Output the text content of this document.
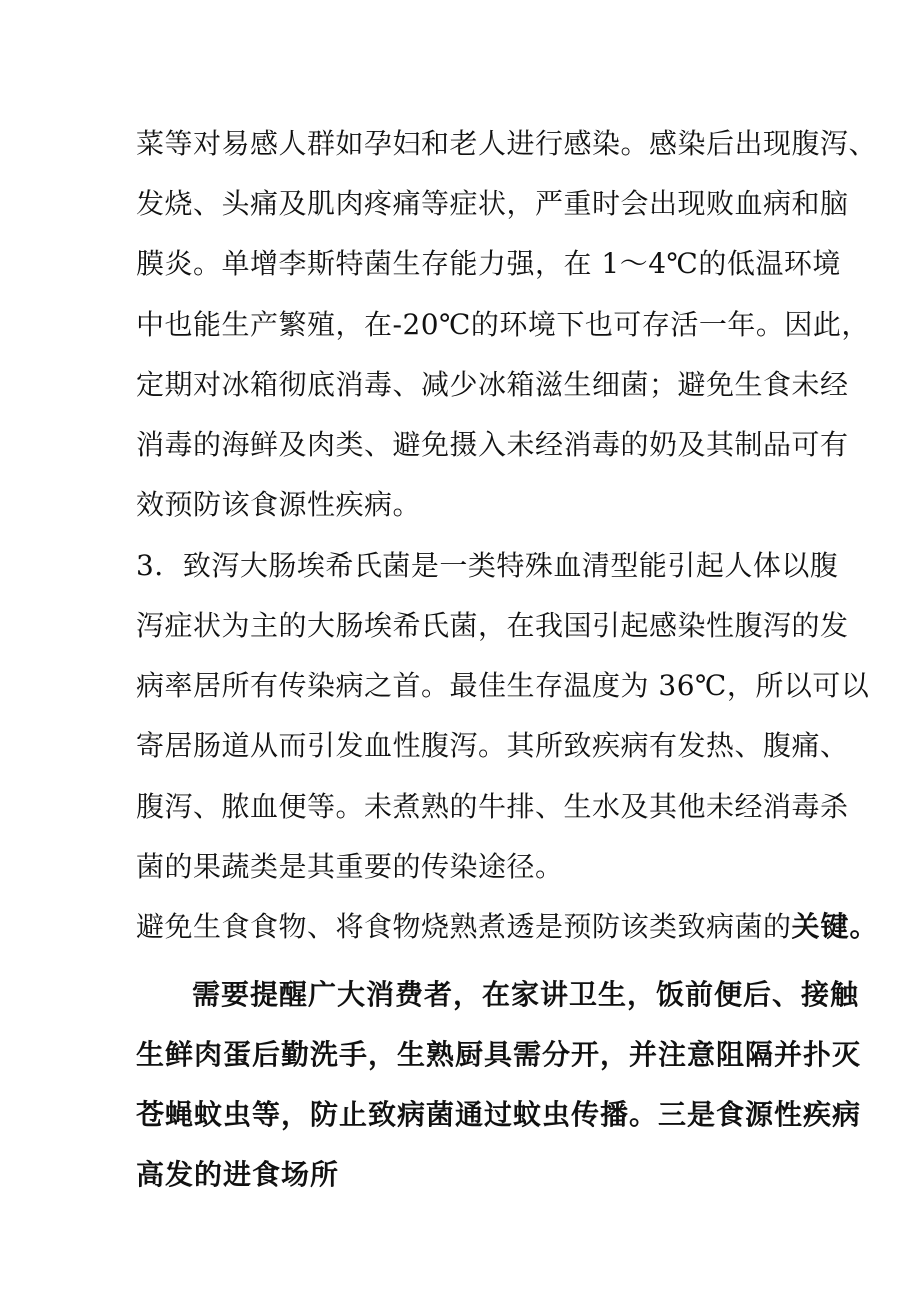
菜等对易感人群如孕妇和老人进行感染。感染后出现腹泻、
发烧、头痛及肌肉疼痛等症状，严重时会出现败血病和脑
膜炎。单增李斯特菌生存能力强，在 1～4℃的低温环境
中也能生产繁殖，在-20℃的环境下也可存活一年。因此，
定期对冰箱彻底消毒、减少冰箱滋生细菌；避免生食未经
消毒的海鲜及肉类、避免摄入未经消毒的奶及其制品可有
效预防该食源性疾病。
3．致泻大肠埃希氏菌是一类特殊血清型能引起人体以腹
泻症状为主的大肠埃希氏菌，在我国引起感染性腹泻的发
病率居所有传染病之首。最佳生存温度为 36℃，所以可以
寄居肠道从而引发血性腹泻。其所致疾病有发热、腹痛、
腹泻、脓血便等。未煮熟的牛排、生水及其他未经消毒杀
菌的果蔬类是其重要的传染途径。
避免生食食物、将食物烧熟煮透是预防该类致病菌的关键。
需要提醒广大消费者，在家讲卫生，饭前便后、接触
生鲜肉蛋后勤洗手，生熟厨具需分开，并注意阻隔并扑灭
苍蝇蚊虫等，防止致病菌通过蚊虫传播。三是食源性疾病
高发的进食场所
